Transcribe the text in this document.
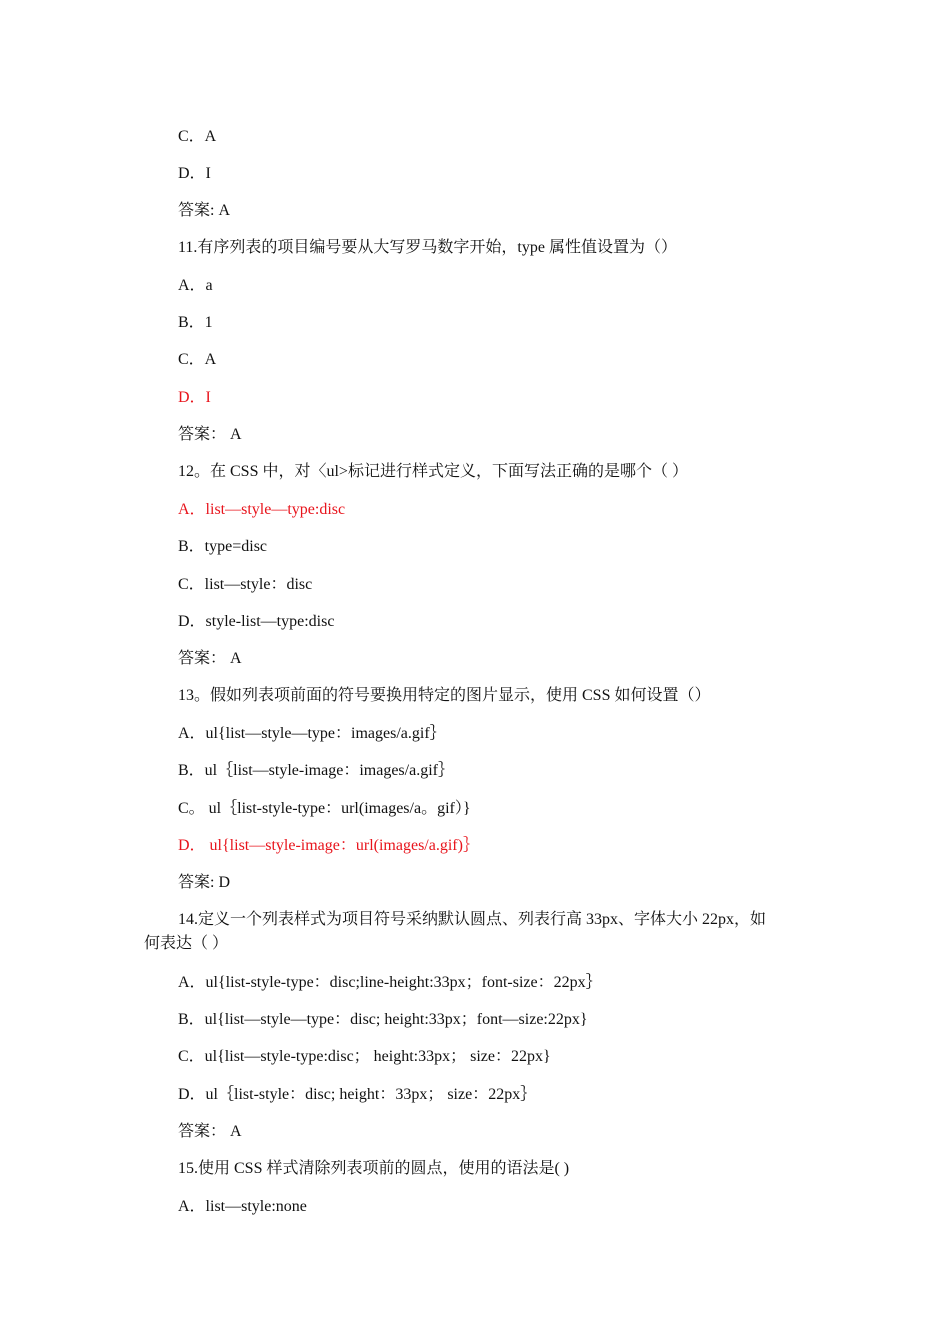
C．A
D．I
答案: A
11.有序列表的项目编号要从大写罗马数字开始，type 属性值设置为（）
A．a
B．1
C．A
D．I
答案： A
12。在 CSS 中，对〈ul>标记进行样式定义，下面写法正确的是哪个（ ）
A．list—style—type:disc
B．type=disc
C．list—style：disc
D．style-list—type:disc
答案： A
13。假如列表项前面的符号要换用特定的图片显示，使用 CSS 如何设置（）
A．ul{list—style—type：images/a.gif｝
B．ul｛list—style-image：images/a.gif｝
C。 ul｛list-style-type：url(images/a。gif）}
D． ul{list—style-image：url(images/a.gif)｝
答案: D
14.定义一个列表样式为项目符号采纳默认圆点、列表行高 33px、字体大小 22px，如
何表达（ ）
A．ul{list-style-type：disc;line-height:33px；font-size：22px｝
B．ul{list—style—type：disc; height:33px；font—size:22px}
C．ul{list—style-type:disc； height:33px； size：22px}
D．ul｛list-style：disc; height：33px； size：22px｝
答案： A
15.使用 CSS 样式清除列表项前的圆点，使用的语法是( )
A．list—style:none
